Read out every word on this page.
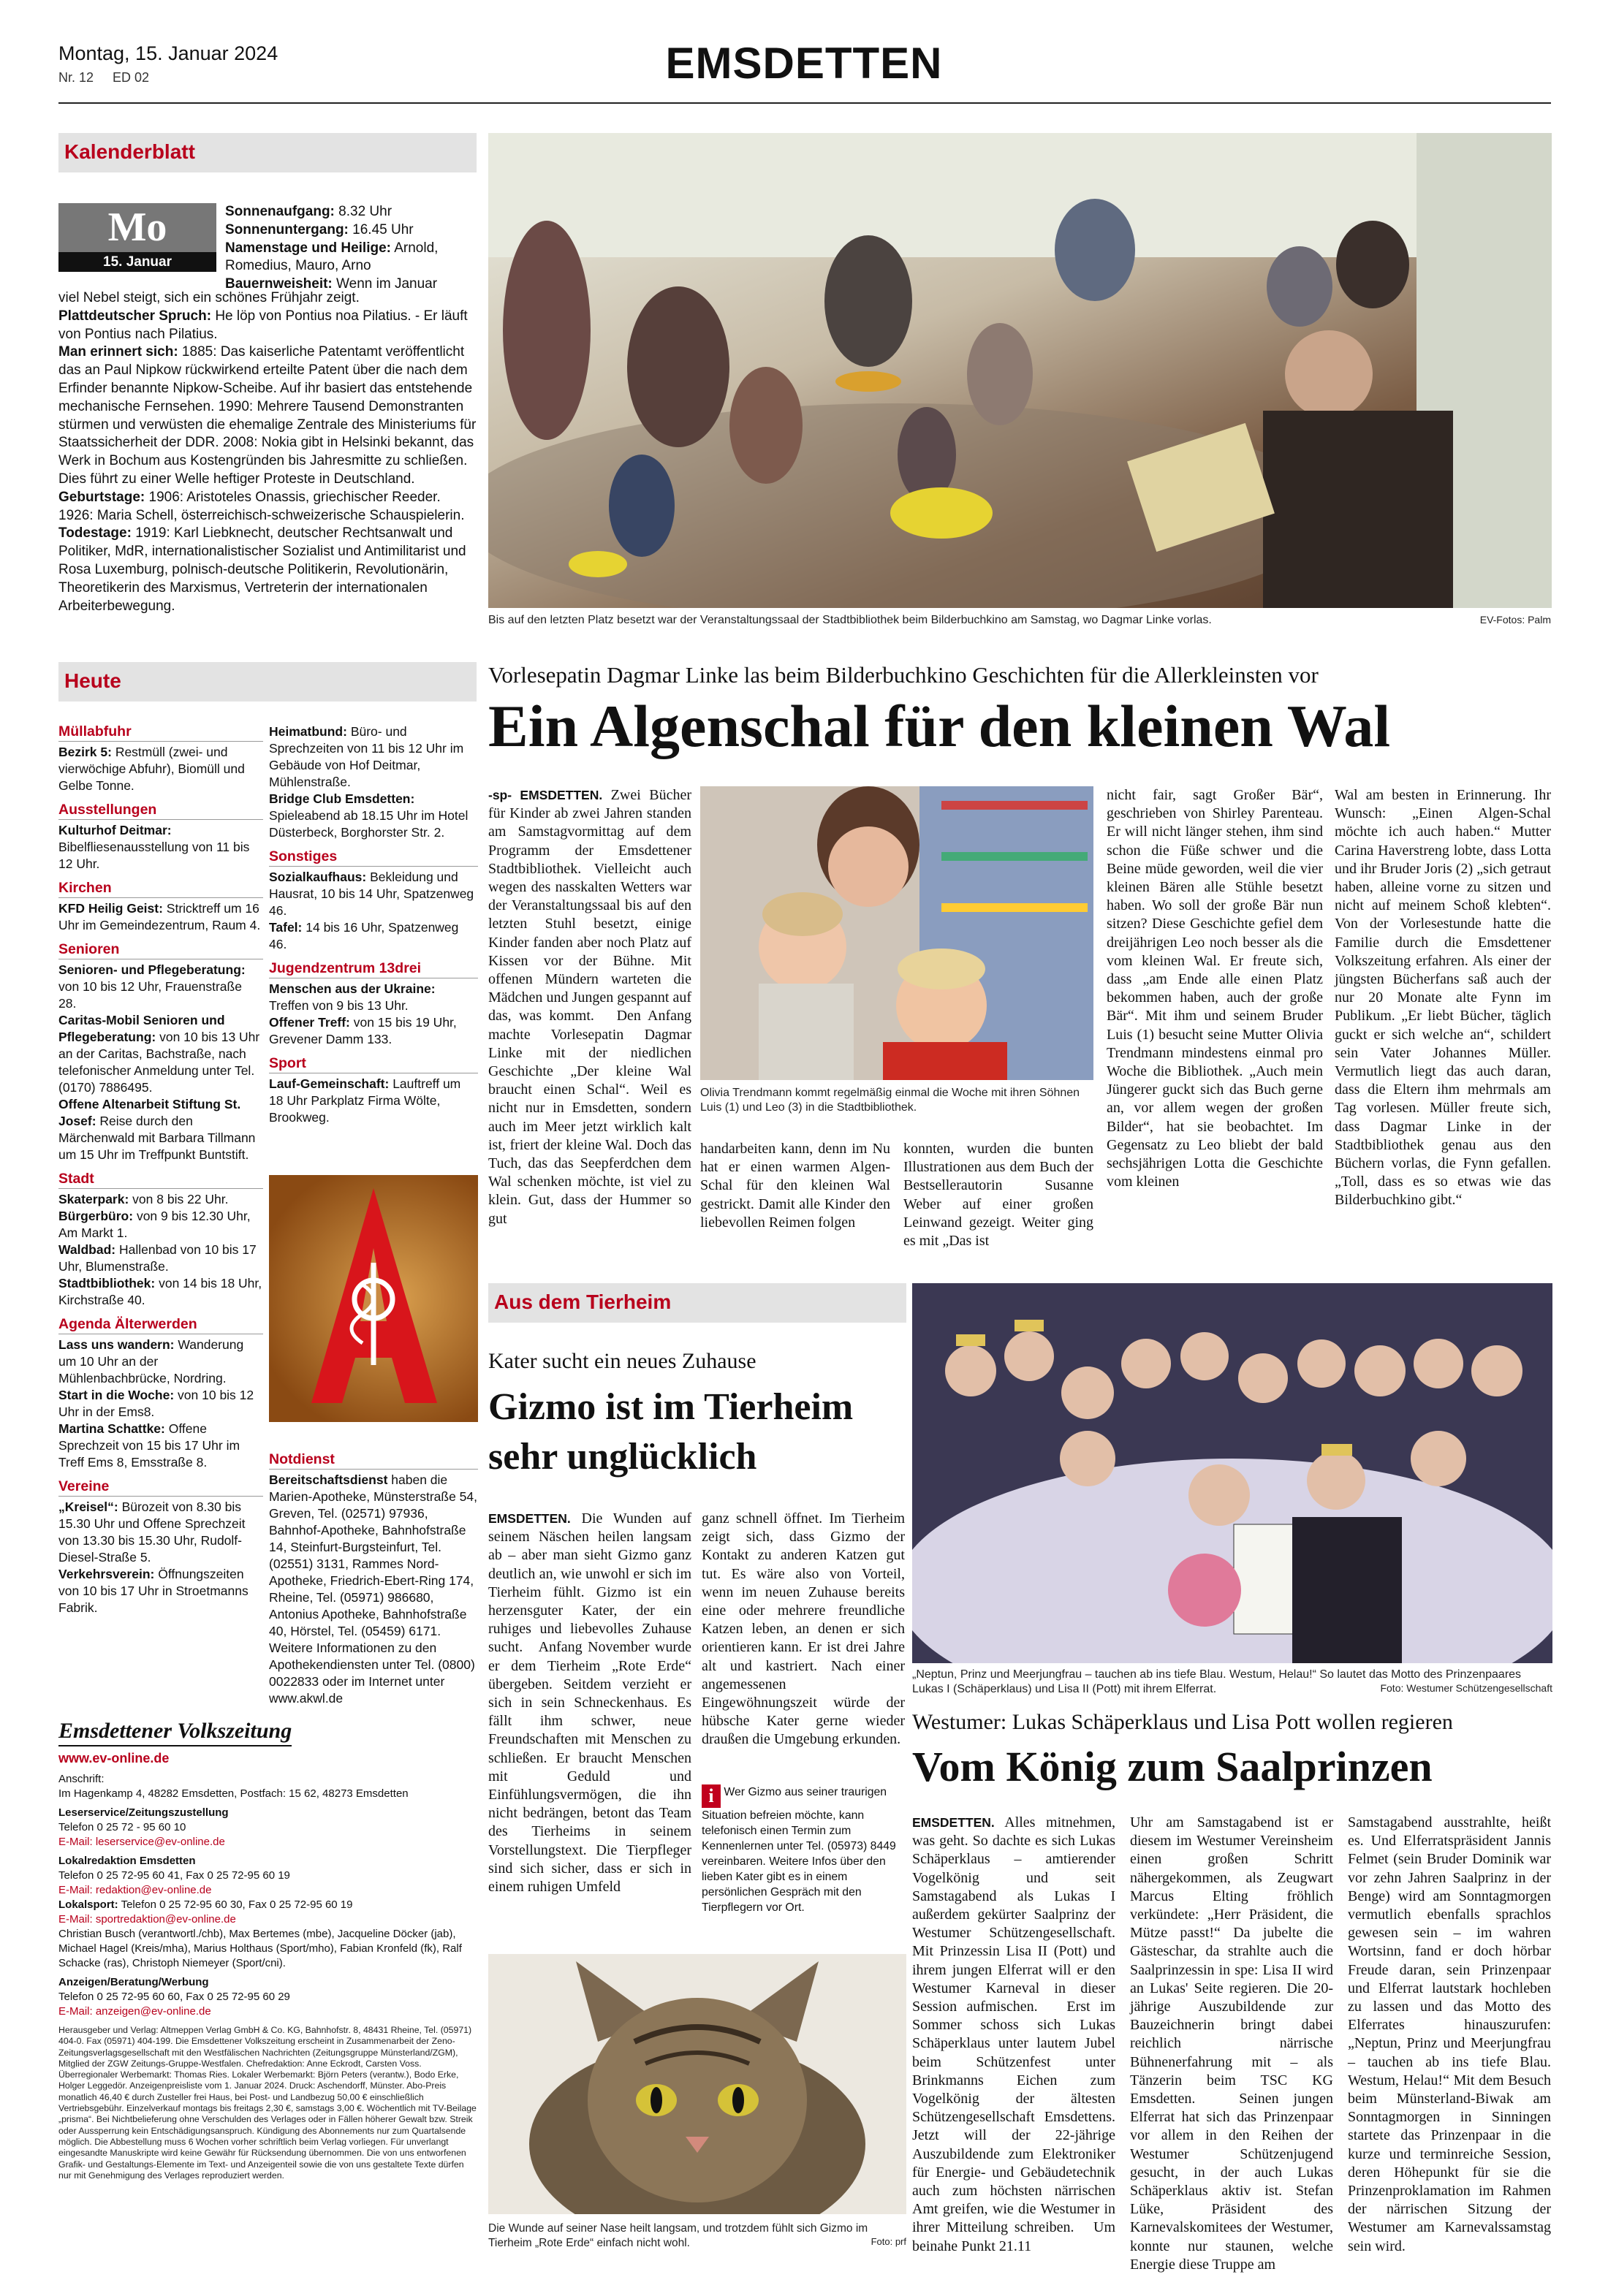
Montag, 15. Januar 2024
Nr. 12 ED 02	EMSDETTEN
Kalenderblatt
Mo
15. Januar

Sonnenaufgang: 8.32 Uhr

Sonnenuntergang: 16.45 Uhr

Namenstage und Heilige: Arnold, Romedius, Mauro, Arno

Bauernweisheit: Wenn im Januar

viel Nebel steigt, sich ein schönes Frühjahr zeigt.

Plattdeutscher Spruch: He löp von Pontius noa Pilatius. - Er läuft von Pontius nach Pilatius.

Man erinnert sich: 1885: Das kaiserliche Patentamt veröffentlicht das an Paul Nipkow rückwirkend erteilte Patent über die nach dem Erfinder benannte Nipkow-Scheibe. Auf ihr basiert das entstehende mechanische Fernsehen. 1990: Mehrere Tausend Demonstranten stürmen und verwüsten die ehemalige Zentrale des Ministeriums für Staatssicherheit der DDR. 2008: Nokia gibt in Helsinki bekannt, das Werk in Bochum aus Kostengründen bis Jahresmitte zu schließen. Dies führt zu einer Welle heftiger Proteste in Deutschland.

Geburtstage: 1906: Aristoteles Onassis, griechischer Reeder. 1926: Maria Schell, österreichisch-schweizerische Schauspielerin.

Todestage: 1919: Karl Liebknecht, deutscher Rechtsanwalt und Politiker, MdR, internationalistischer Sozialist und Antimilitarist und Rosa Luxemburg, polnisch-deutsche Politikerin, Revolutionärin, Theoretikerin des Marxismus, Vertreterin der internationalen Arbeiterbewegung.

Heute
Müllabfuhr

Bezirk 5: Restmüll (zwei- und vierwöchige Abfuhr), Biomüll und Gelbe Tonne.

Ausstellungen

Kulturhof Deitmar: Bibelfliesenausstellung von 11 bis 12 Uhr.

Kirchen

KFD Heilig Geist: Stricktreff um 16 Uhr im Gemeindezentrum, Raum 4.

Senioren

Senioren- und Pflegeberatung: von 10 bis 12 Uhr, Frauenstraße 28.

Caritas-Mobil Senioren und Pflegeberatung: von 10 bis 13 Uhr an der Caritas, Bachstraße, nach telefonischer Anmeldung unter Tel. (0170) 7886495.

Offene Altenarbeit Stiftung St. Josef: Reise durch den Märchenwald mit Barbara Tillmann um 15 Uhr im Treffpunkt Buntstift.

Stadt

Skaterpark: von 8 bis 22 Uhr.

Bürgerbüro: von 9 bis 12.30 Uhr, Am Markt 1.

Waldbad: Hallenbad von 10 bis 17 Uhr, Blumenstraße.

Stadtbibliothek: von 14 bis 18 Uhr, Kirchstraße 40.

Agenda Älterwerden

Lass uns wandern: Wanderung um 10 Uhr an der Mühlenbachbrücke, Nordring.

Start in die Woche: von 10 bis 12 Uhr in der Ems8.

Martina Schattke: Offene Sprechzeit von 15 bis 17 Uhr im Treff Ems 8, Emsstraße 8.

Vereine

„Kreisel“: Bürozeit von 8.30 bis 15.30 Uhr und Offene Sprechzeit von 13.30 bis 15.30 Uhr, Rudolf-Diesel-Straße 5.

Verkehrsverein: Öffnungszeiten von 10 bis 17 Uhr in Stroetmanns Fabrik.

Heimatbund: Büro- und Sprechzeiten von 11 bis 12 Uhr im Gebäude von Hof Deitmar, Mühlenstraße.

Bridge Club Emsdetten: Spieleabend ab 18.15 Uhr im Hotel Düsterbeck, Borghorster Str. 2.

Sonstiges

Sozialkaufhaus: Bekleidung und Hausrat, 10 bis 14 Uhr, Spatzenweg 46.

Tafel: 14 bis 16 Uhr, Spatzenweg 46.

Jugendzentrum 13drei

Menschen aus der Ukraine: Treffen von 9 bis 13 Uhr.

Offener Treff: von 15 bis 19 Uhr, Grevener Damm 133.

Sport

Lauf-Gemeinschaft: Lauftreff um 18 Uhr Parkplatz Firma Wölte, Brookweg.

Notdienst

Bereitschaftsdienst haben die Marien-Apotheke, Münsterstraße 54, Greven, Tel. (02571) 97936, Bahnhof-Apotheke, Bahnhofstraße 14, Steinfurt-Burgsteinfurt, Tel. (02551) 3131, Rammes Nord-Apotheke, Friedrich-Ebert-Ring 174, Rheine, Tel. (05971) 986680, Antonius Apotheke, Bahnhofstraße 40, Hörstel, Tel. (05459) 6171. Weitere Informationen zu den Apothekendiensten unter Tel. (0800) 0022833 oder im Internet unter www.akwl.de

Emsdettener Volkszeitung
www.ev-online.de
Anschrift:
Im Hagenkamp 4, 48282 Emsdetten, Postfach: 15 62, 48273 Emsdetten
Leserservice/Zeitungszustellung
Telefon 0 25 72 - 95 60 10
E-Mail: leserservice@ev-online.de
Lokalredaktion Emsdetten
Telefon 0 25 72-95 60 41, Fax 0 25 72-95 60 19
E-Mail: redaktion@ev-online.de
Lokalsport: Telefon 0 25 72-95 60 30, Fax 0 25 72-95 60 19
E-Mail: sportredaktion@ev-online.de
Christian Busch (verantwortl./chb), Max Bertemes (mbe), Jacqueline Döcker (jab), Michael Hagel (Kreis/mha), Marius Holthaus (Sport/mho), Fabian Kronfeld (fk), Ralf Schacke (ras), Christoph Niemeyer (Sport/cni).
Anzeigen/Beratung/Werbung
Telefon 0 25 72-95 60 60, Fax 0 25 72-95 60 29
E-Mail: anzeigen@ev-online.de
Herausgeber und Verlag: Altmeppen Verlag GmbH & Co. KG, Bahnhofstr. 8, 48431 Rheine, Tel. (05971) 404-0. Fax (05971) 404-199. Die Emsdettener Volkszeitung erscheint in Zusammenarbeit der Zeno-Zeitungsverlagsgesellschaft mit den Westfälischen Nachrichten (Zeitungsgruppe Münsterland/ZGM), Mitglied der ZGW Zeitungs-Gruppe-Westfalen. Chefredaktion: Anne Eckrodt, Carsten Voss. Überregionaler Werbemarkt: Thomas Ries. Lokaler Werbemarkt: Björn Peters (verantw.), Bodo Erke, Holger Leggedör. Anzeigenpreisliste vom 1. Januar 2024. Druck: Aschendorff, Münster. Abo-Preis monatlich 46,40 € durch Zusteller frei Haus, bei Post- und Landbezug 50,00 € einschließlich Vertriebsgebühr. Einzelverkauf montags bis freitags 2,30 €, samstags 3,00 €. Wöchentlich mit TV-Beilage „prisma“. Bei Nichtbelieferung ohne Verschulden des Verlages oder in Fällen höherer Gewalt bzw. Streik oder Aussperrung kein Entschädigungsanspruch. Kündigung des Abonnements nur zum Quartalsende möglich. Die Abbestellung muss 6 Wochen vorher schriftlich beim Verlag vorliegen. Für unverlangt eingesandte Manuskripte wird keine Gewähr für Rücksendung übernommen. Die von uns entworfenen Grafik- und Gestaltungs-Elemente im Text- und Anzeigenteil sowie die von uns gestaltete Texte dürfen nur mit Genehmigung des Verlages reproduziert werden.
Bis auf den letzten Platz besetzt war der Veranstaltungssaal der Stadtbibliothek beim Bilderbuchkino am Samstag, wo Dagmar Linke vorlas.	EV-Fotos: Palm
Vorlesepatin Dagmar Linke las beim Bilderbuchkino Geschichten für die Allerkleinsten vor
Ein Algenschal für den kleinen Wal
-sp- EMSDETTEN. Zwei Bücher für Kinder ab zwei Jahren standen am Samstagvormittag auf dem Programm der Emsdettener Stadtbibliothek. Vielleicht auch wegen des nasskalten Wetters war der Veranstaltungssaal bis auf den letzten Stuhl besetzt, einige Kinder fanden aber noch Platz auf Kissen vor der Bühne. Mit offenen Mündern warteten die Mädchen und Jungen gespannt auf das, was kommt.   Den Anfang machte Vorlesepatin Dagmar Linke mit der niedlichen Geschichte „Der kleine Wal braucht einen Schal“. Weil es nicht nur in Emsdetten, sondern auch im Meer jetzt wirklich kalt ist, friert der kleine Wal. Doch das Tuch, das das Seepferdchen dem Wal schenken möchte, ist viel zu klein. Gut, dass der Hummer so gut
Olivia Trendmann kommt regelmäßig einmal die Woche mit ihren Söhnen Luis (1) und Leo (3) in die Stadtbibliothek.
handarbeiten kann, denn im Nu hat er einen warmen Algen-Schal für den kleinen Wal gestrickt. Damit alle Kinder den liebevollen Reimen folgen
konnten, wurden die bunten Illustrationen aus dem Buch der Bestsellerautorin Susanne Weber auf einer großen Leinwand gezeigt. Weiter ging es mit „Das ist
nicht fair, sagt Großer Bär“, geschrieben von Shirley Parenteau. Er will nicht länger stehen, ihm sind schon die Füße schwer und die Beine müde geworden, weil die vier kleinen Bären alle Stühle besetzt haben. Wo soll der große Bär nun sitzen? Diese Geschichte gefiel dem dreijährigen Leo noch besser als die vom kleinen Wal. Er freute sich, dass „am Ende alle einen Platz bekommen haben, auch der große Bär“. Mit ihm und seinem Bruder Luis (1) besucht seine Mutter Olivia Trendmann mindestens einmal pro Woche die Bibliothek. „Auch mein Jüngerer guckt sich das Buch gerne an, vor allem wegen der großen Bilder“, hat sie beobachtet. Im Gegensatz zu Leo bliebt der bald sechsjährigen Lotta die Geschichte vom kleinen
Wal am besten in Erinnerung. Ihr Wunsch: „Einen Algen-Schal möchte ich auch haben.“ Mutter Carina Haverstreng lobte, dass Lotta und ihr Bruder Joris (2) „sich getraut haben, alleine vorne zu sitzen und nicht auf meinem Schoß klebten“. Von der Vorlesestunde hatte die Familie durch die Emsdettener Volkszeitung erfahren. Als einer der jüngsten Bücherfans saß auch der nur 20 Monate alte Fynn im Publikum. „Er liebt Bücher, täglich guckt er sich welche an“, schildert sein Vater Johannes Müller. Vermutlich liegt das auch daran, dass die Eltern ihm mehrmals am Tag vorlesen. Müller freute sich, dass Dagmar Linke in der Stadtbibliothek genau aus den Büchern vorlas, die Fynn gefallen. „Toll, dass es so etwas wie das Bilderbuchkino gibt.“
Aus dem Tierheim
Kater sucht ein neues Zuhause
Gizmo ist im Tierheim sehr unglücklich
EMSDETTEN. Die Wunden auf seinem Näschen heilen langsam ab – aber man sieht Gizmo ganz deutlich an, wie unwohl er sich im Tierheim fühlt. Gizmo ist ein herzensguter Kater, der ein ruhiges und liebevolles Zuhause sucht.   Anfang November wurde er dem Tierheim „Rote Erde“ übergeben. Seitdem verzieht er sich in sein Schneckenhaus. Es fällt ihm schwer, neue Freundschaften mit Menschen zu schließen. Er braucht Menschen mit Geduld und Einfühlungsvermögen, die ihn nicht bedrängen, betont das Team des Tierheims in seinem Vorstellungstext. Die Tierpfleger sind sich sicher, dass er sich in einem ruhigen Umfeld
ganz schnell öffnet. Im Tierheim zeigt sich, dass Gizmo der Kontakt zu anderen Katzen gut tut. Es wäre also von Vorteil, wenn im neuen Zuhause bereits eine oder mehrere freundliche Katzen leben, an denen er sich orientieren kann. Er ist drei Jahre alt und kastriert. Nach einer angemessenen Eingewöhnungszeit würde der hübsche Kater gerne wieder draußen die Umgebung erkunden.
i Wer Gizmo aus seiner traurigen Situation befreien möchte, kann telefonisch einen Termin zum Kennenlernen unter Tel. (05973) 8449 vereinbaren. Weitere Infos über den lieben Kater gibt es in einem persönlichen Gespräch mit den Tierpflegern vor Ort.
Die Wunde auf seiner Nase heilt langsam, und trotzdem fühlt sich Gizmo im Tierheim „Rote Erde“ einfach nicht wohl.	Foto: prf
„Neptun, Prinz und Meerjungfrau – tauchen ab ins tiefe Blau. Westum, Helau!“ So lautet das Motto des Prinzenpaares Lukas I (Schäperklaus) und Lisa II (Pott) mit ihrem Elferrat.	Foto: Westumer Schützengesellschaft
Westumer: Lukas Schäperklaus und Lisa Pott wollen regieren
Vom König zum Saalprinzen
EMSDETTEN. Alles mitnehmen, was geht. So dachte es sich Lukas Schäperklaus – amtierender Vogelkönig und seit Samstagabend als Lukas I außerdem gekürter Saalprinz der Westumer Schützengesellschaft. Mit Prinzessin Lisa II (Pott) und ihrem jungen Elferrat will er den Westumer Karneval in dieser Session aufmischen.   Erst im Sommer schoss sich Lukas Schäperklaus unter lautem Jubel beim Schützenfest unter Brinkmanns Eichen zum Vogelkönig der ältesten Schützengesellschaft Emsdettens. Jetzt will der 22-jährige Auszubildende zum Elektroniker für Energie- und Gebäudetechnik auch zum höchsten närrischen Amt greifen, wie die Westumer in ihrer Mitteilung schreiben.   Um beinahe Punkt 21.11
Uhr am Samstagabend ist er diesem im Westumer Vereinsheim einen großen Schritt nähergekommen, als Zeugwart Marcus Elting fröhlich verkündete: „Herr Präsident, die Mütze passt!“ Da jubelte die Gästeschar, da strahlte auch die Saalprinzessin in spe: Lisa II wird an Lukas' Seite regieren. Die 20-jährige Auszubildende zur Bauzeichnerin bringt dabei reichlich närrische Bühnenerfahrung mit – als Tänzerin beim TSC KG Emsdetten.   Seinen jungen Elferrat hat sich das Prinzenpaar vor allem in den Reihen der Westumer Schützenjugend gesucht, in der auch Lukas Schäperklaus aktiv ist. Stefan Lüke, Präsident des Karnevalskomitees der Westumer, konnte nur staunen, welche Energie diese Truppe am
Samstagabend ausstrahlte, heißt es. Und Elferratspräsident Jannis Felmet (sein Bruder Dominik war vor zehn Jahren Saalprinz in der Benge) wird am Sonntagmorgen vermutlich ebenfalls sprachlos gewesen sein – im wahren Wortsinn, fand er doch hörbar Freude daran, sein Prinzenpaar und Elferrat lautstark hochleben zu lassen und das Motto des Elferrates hinauszurufen: „Neptun, Prinz und Meerjungfrau – tauchen ab ins tiefe Blau. Westum, Helau!“ Mit dem Besuch beim Münsterland-Biwak am Sonntagmorgen in Sinningen startete das Prinzenpaar in die kurze und terminreiche Session, deren Höhepunkt für sie die Prinzenproklamation im Rahmen der närrischen Sitzung der Westumer am Karnevalssamstag sein wird.
